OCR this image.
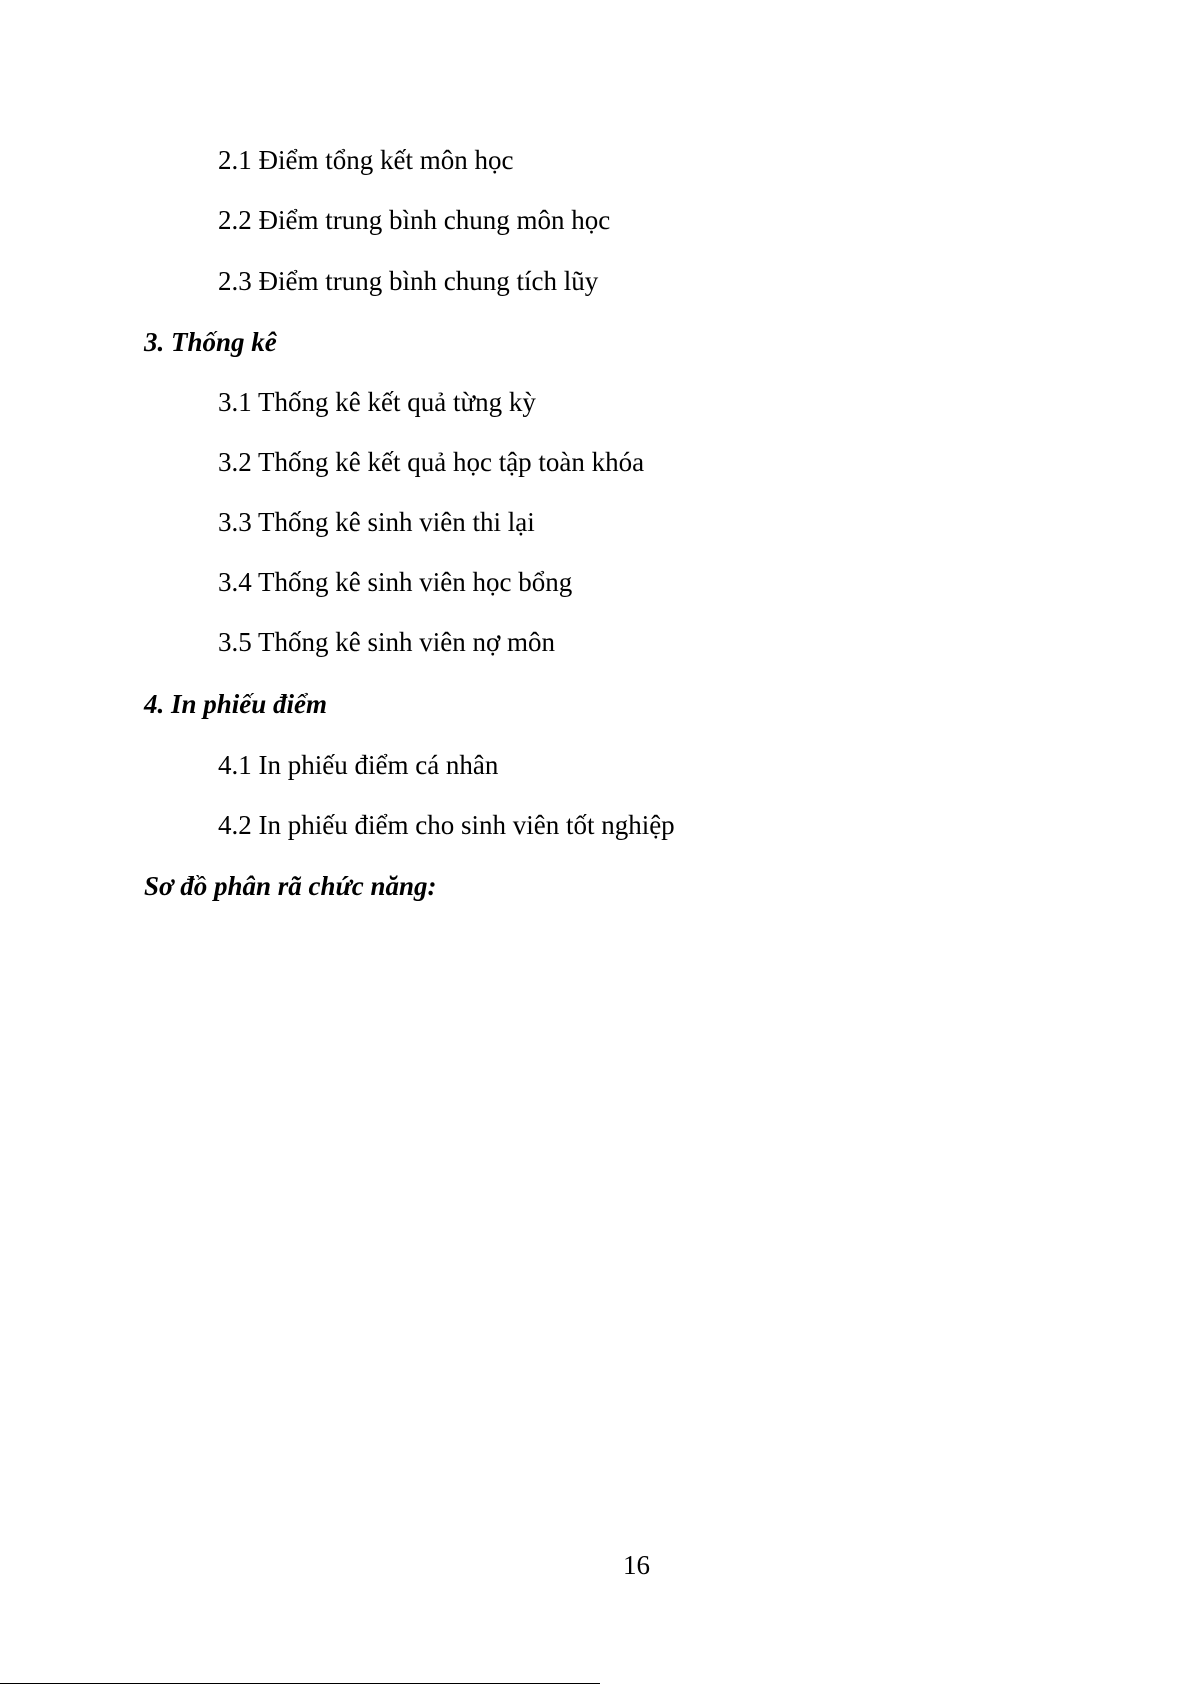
2.1 Điểm tổng kết môn học
2.2 Điểm trung bình chung môn học
2.3 Điểm trung bình chung tích lũy
3. Thống kê
3.1 Thống kê kết quả từng kỳ
3.2 Thống kê kết quả học tập toàn khóa
3.3 Thống kê sinh viên thi lại
3.4 Thống kê sinh viên học bổng
3.5 Thống kê sinh viên nợ môn
4. In phiếu điểm
4.1 In phiếu điểm cá nhân
4.2 In phiếu điểm cho sinh viên tốt nghiệp
Sơ đồ phân rã chức năng:
16
